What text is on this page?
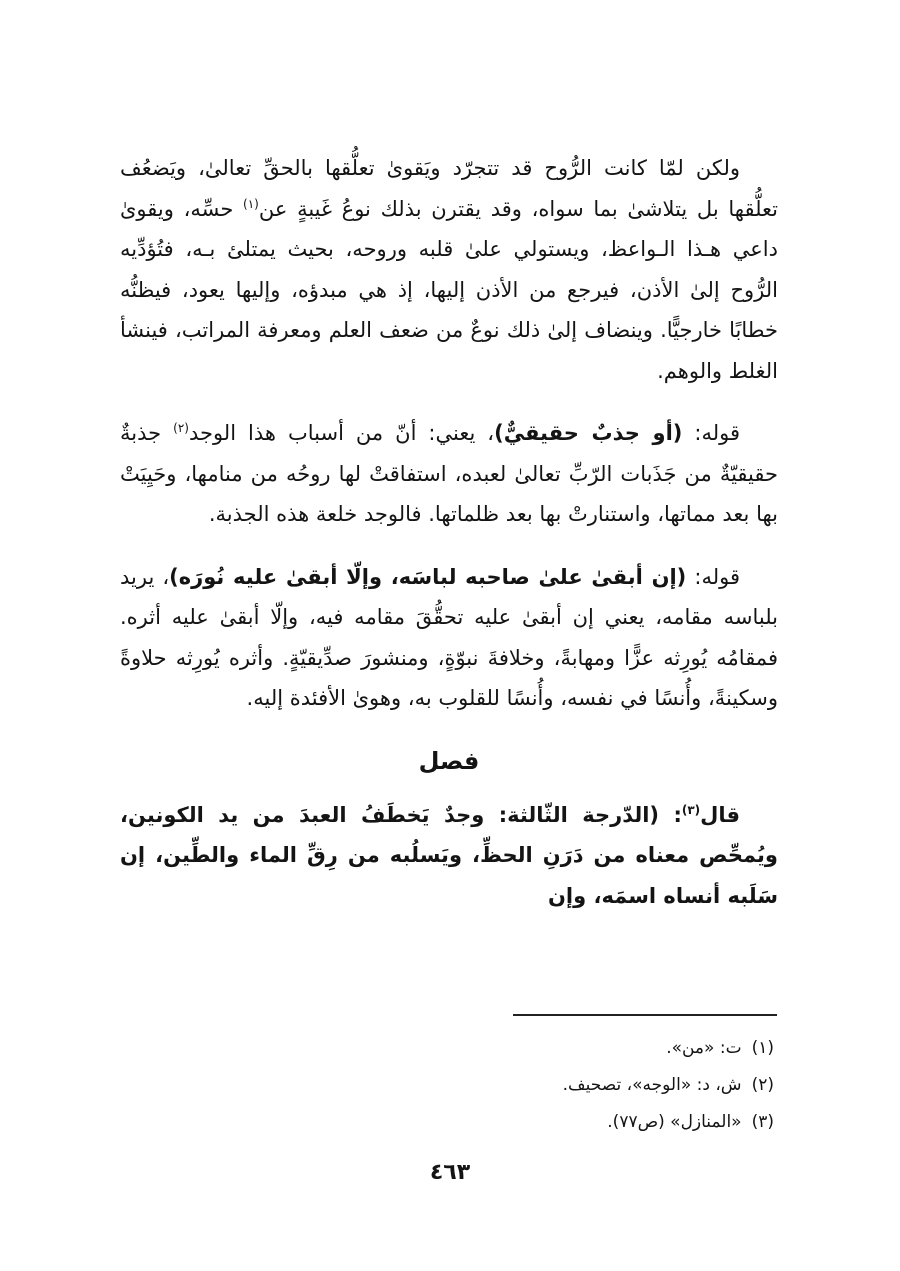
ولكن لمّا كانت الرُّوح قد تتجرّد ويَقوىٰ تعلُّقها بالحقِّ تعالىٰ، ويَضعُف تعلُّقها بل يتلاشىٰ بما سواه، وقد يقترن بذلك نوعُ غَيبةٍ عن$^{(١)}$ حسِّه، ويقوىٰ داعي هـذا الـواعظ، ويستولي علىٰ قلبه وروحه، بحيث يمتلئ بـه، فتُؤدِّيه الرُّوح إلىٰ الأذن، فيرجع من الأذن إليها، إذ هي مبدؤه، وإليها يعود، فيظنُّه خطابًا خارجيًّا. وينضاف إلىٰ ذلك نوعٌ من ضعف العلم ومعرفة المراتب، فينشأ الغلط والوهم.

قوله: (أو جذبٌ حقيقيٌّ)، يعني: أنّ من أسباب هذا الوجد$^{(٢)}$ جذبةٌ حقيقيّةٌ من جَذَبات الرّبِّ تعالىٰ لعبده، استفاقتْ لها روحُه من منامها، وحَيِيَتْ بها بعد مماتها، واستنارتْ بها بعد ظلماتها. فالوجد خلعة هذه الجذبة.

قوله: (إن أبقىٰ علىٰ صاحبه لباسَه، وإلّا أبقىٰ عليه نُورَه)، يريد بلباسه مقامه، يعني إن أبقىٰ عليه تحقُّقَ مقامه فيه، وإلّا أبقىٰ عليه أثره. فمقامُه يُورِثه عزًّا ومهابةً، وخلافةَ نبوّةٍ، ومنشورَ صدِّيقيّةٍ. وأثره يُورِثه حلاوةً وسكينةً، وأُنسًا في نفسه، وأُنسًا للقلوب به، وهوىٰ الأفئدة إليه.

فصل

قال$^{(٣)}$: (الدّرجة الثّالثة: وجدٌ يَخطَفُ العبدَ من يد الكونين، ويُمحِّص معناه من دَرَنِ الحظِّ، ويَسلُبه من رِقِّ الماء والطِّين، إن سَلَبه أنساه اسمَه، وإن

(١)ت: «من».
(٢)ش، د: «الوجه»، تصحيف.
(٣)«المنازل» (ص٧٧).
٤٦٣
